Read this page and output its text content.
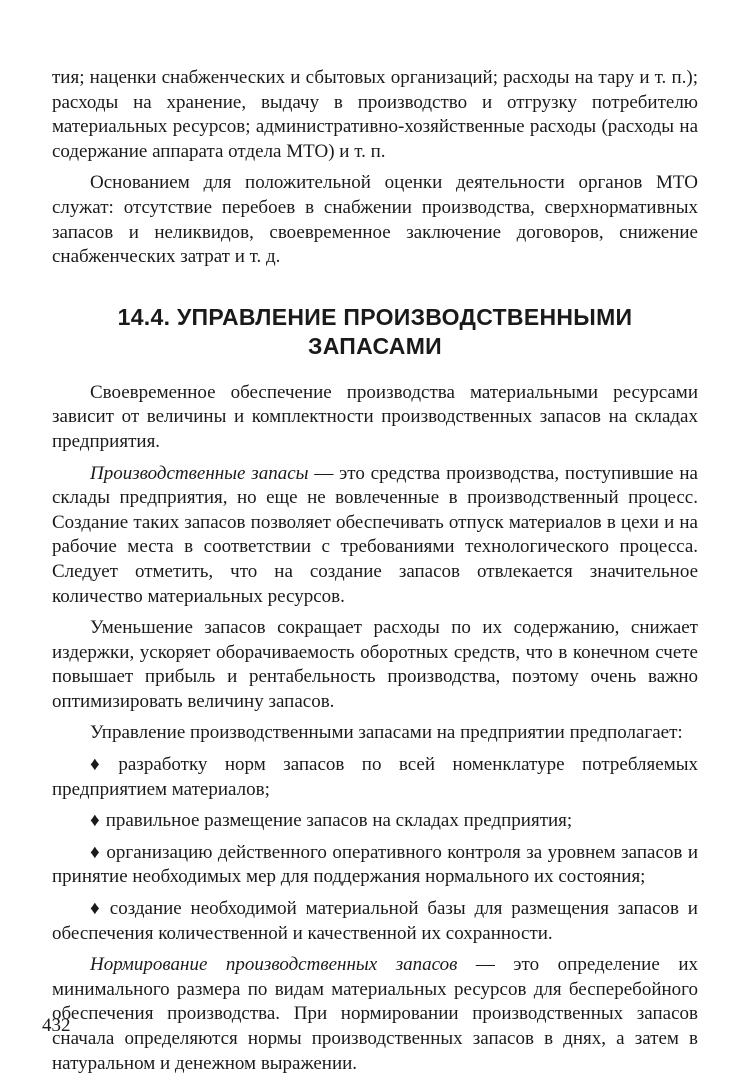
тия; наценки снабженческих и сбытовых организаций; расходы на тару и т. п.); расходы на хранение, выдачу в производство и отгрузку потребителю материальных ресурсов; административно-хозяйственные расходы (расходы на содержание аппарата отдела МТО) и т. п.

Основанием для положительной оценки деятельности органов МТО служат: отсутствие перебоев в снабжении производства, сверхнормативных запасов и неликвидов, своевременное заключение договоров, снижение снабженческих затрат и т. д.

14.4. УПРАВЛЕНИЕ ПРОИЗВОДСТВЕННЫМИ
ЗАПАСАМИ

Своевременное обеспечение производства материальными ресурсами зависит от величины и комплектности производственных запасов на складах предприятия.

Производственные запасы — это средства производства, поступившие на склады предприятия, но еще не вовлеченные в производственный процесс. Создание таких запасов позволяет обеспечивать отпуск материалов в цехи и на рабочие места в соответствии с требованиями технологического процесса. Следует отметить, что на создание запасов отвлекается значительное количество материальных ресурсов.

Уменьшение запасов сокращает расходы по их содержанию, снижает издержки, ускоряет оборачиваемость оборотных средств, что в конечном счете повышает прибыль и рентабельность производства, поэтому очень важно оптимизировать величину запасов.

Управление производственными запасами на предприятии предполагает:

♦ разработку норм запасов по всей номенклатуре потребляемых предприятием материалов;

♦ правильное размещение запасов на складах предприятия;

♦ организацию действенного оперативного контроля за уровнем запасов и принятие необходимых мер для поддержания нормального их состояния;

♦ создание необходимой материальной базы для размещения запасов и обеспечения количественной и качественной их сохранности.

Нормирование производственных запасов — это определение их минимального размера по видам материальных ресурсов для бесперебойного обеспечения производства. При нормировании производственных запасов сначала определяются нормы производственных запасов в днях, а затем в натуральном и денежном выражении.

432
